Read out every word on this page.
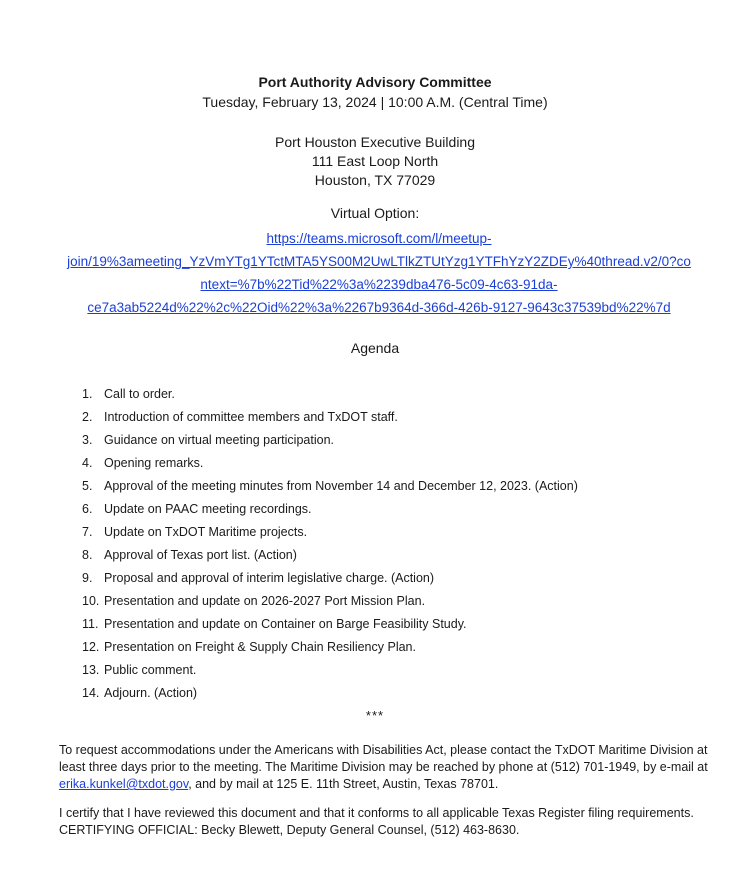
Port Authority Advisory Committee
Tuesday, February 13, 2024 | 10:00 A.M. (Central Time)
Port Houston Executive Building
111 East Loop North
Houston, TX 77029
Virtual Option:
https://teams.microsoft.com/l/meetup-
join/19%3ameeting_YzVmYTg1YTctMTA5YS00M2UwLTlkZTUtYzg1YTFhYzY2ZDEy%40thread.v2/0?co
ntext=%7b%22Tid%22%3a%2239dba476-5c09-4c63-91da-
ce7a3ab5224d%22%2c%22Oid%22%3a%2267b9364d-366d-426b-9127-9643c37539bd%22%7d
Agenda
1. Call to order.
2. Introduction of committee members and TxDOT staff.
3. Guidance on virtual meeting participation.
4. Opening remarks.
5. Approval of the meeting minutes from November 14 and December 12, 2023. (Action)
6. Update on PAAC meeting recordings.
7. Update on TxDOT Maritime projects.
8. Approval of Texas port list. (Action)
9. Proposal and approval of interim legislative charge. (Action)
10. Presentation and update on 2026-2027 Port Mission Plan.
11. Presentation and update on Container on Barge Feasibility Study.
12. Presentation on Freight & Supply Chain Resiliency Plan.
13. Public comment.
14. Adjourn. (Action)
***
To request accommodations under the Americans with Disabilities Act, please contact the TxDOT Maritime Division at least three days prior to the meeting. The Maritime Division may be reached by phone at (512) 701-1949, by e-mail at erika.kunkel@txdot.gov, and by mail at 125 E. 11th Street, Austin, Texas 78701.
I certify that I have reviewed this document and that it conforms to all applicable Texas Register filing requirements.
CERTIFYING OFFICIAL: Becky Blewett, Deputy General Counsel, (512) 463-8630.
